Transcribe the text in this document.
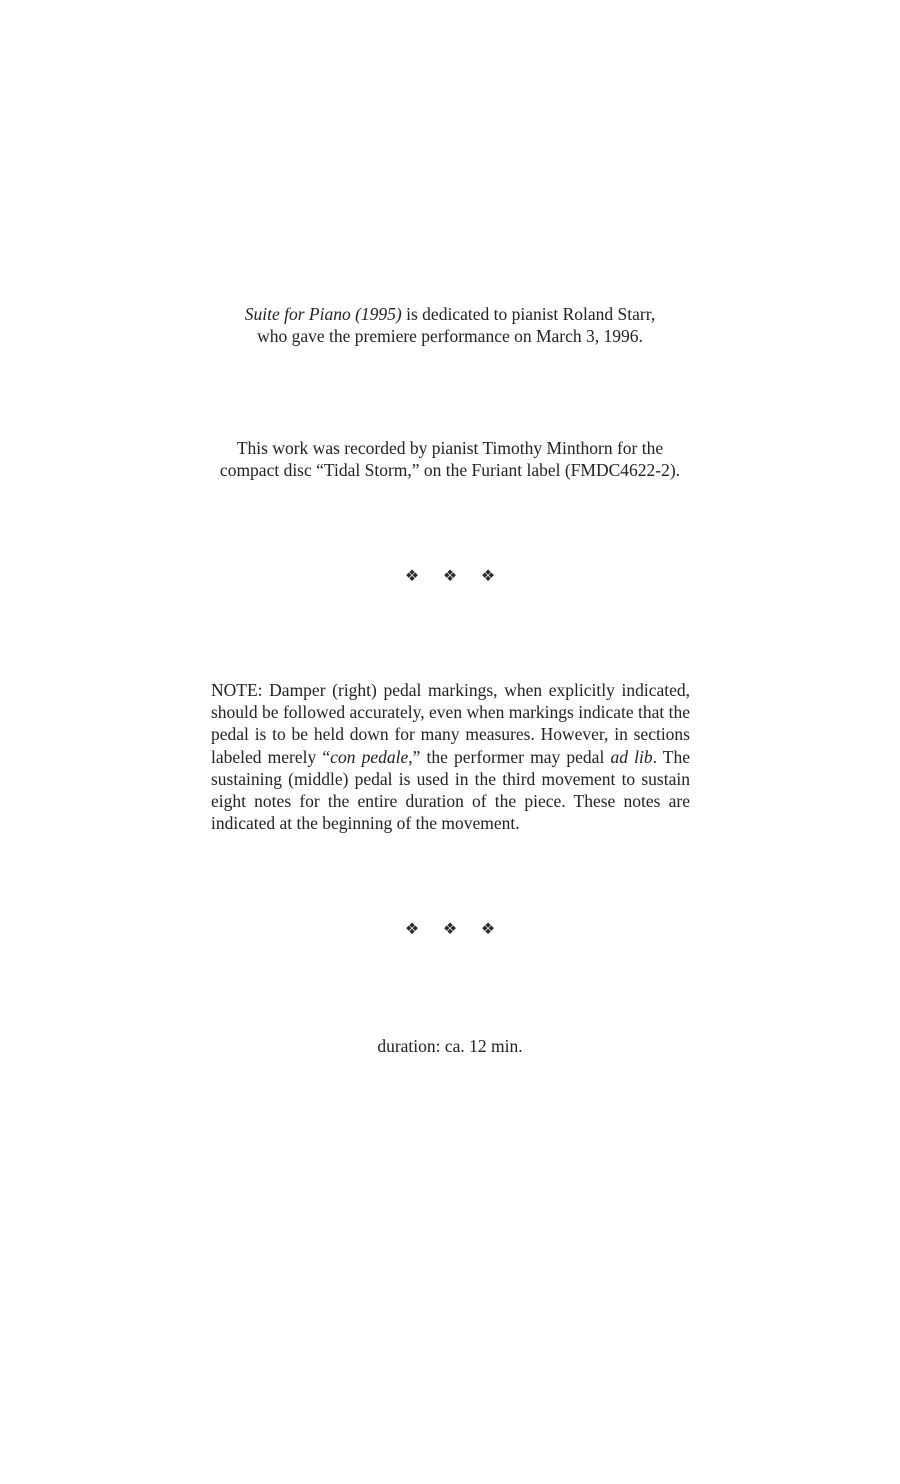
Suite for Piano (1995) is dedicated to pianist Roland Starr,
who gave the premiere performance on March 3, 1996.
This work was recorded by pianist Timothy Minthorn for the
compact disc “Tidal Storm,” on the Furiant label (FMDC4622-2).
❖ ❖ ❖
NOTE: Damper (right) pedal markings, when explicitly indicated, should be followed accurately, even when markings indicate that the pedal is to be held down for many measures. However, in sections labeled merely “con pedale,” the performer may pedal ad lib. The sustaining (middle) pedal is used in the third movement to sustain eight notes for the entire duration of the piece. These notes are indicated at the beginning of the movement.
❖ ❖ ❖
duration: ca. 12 min.
